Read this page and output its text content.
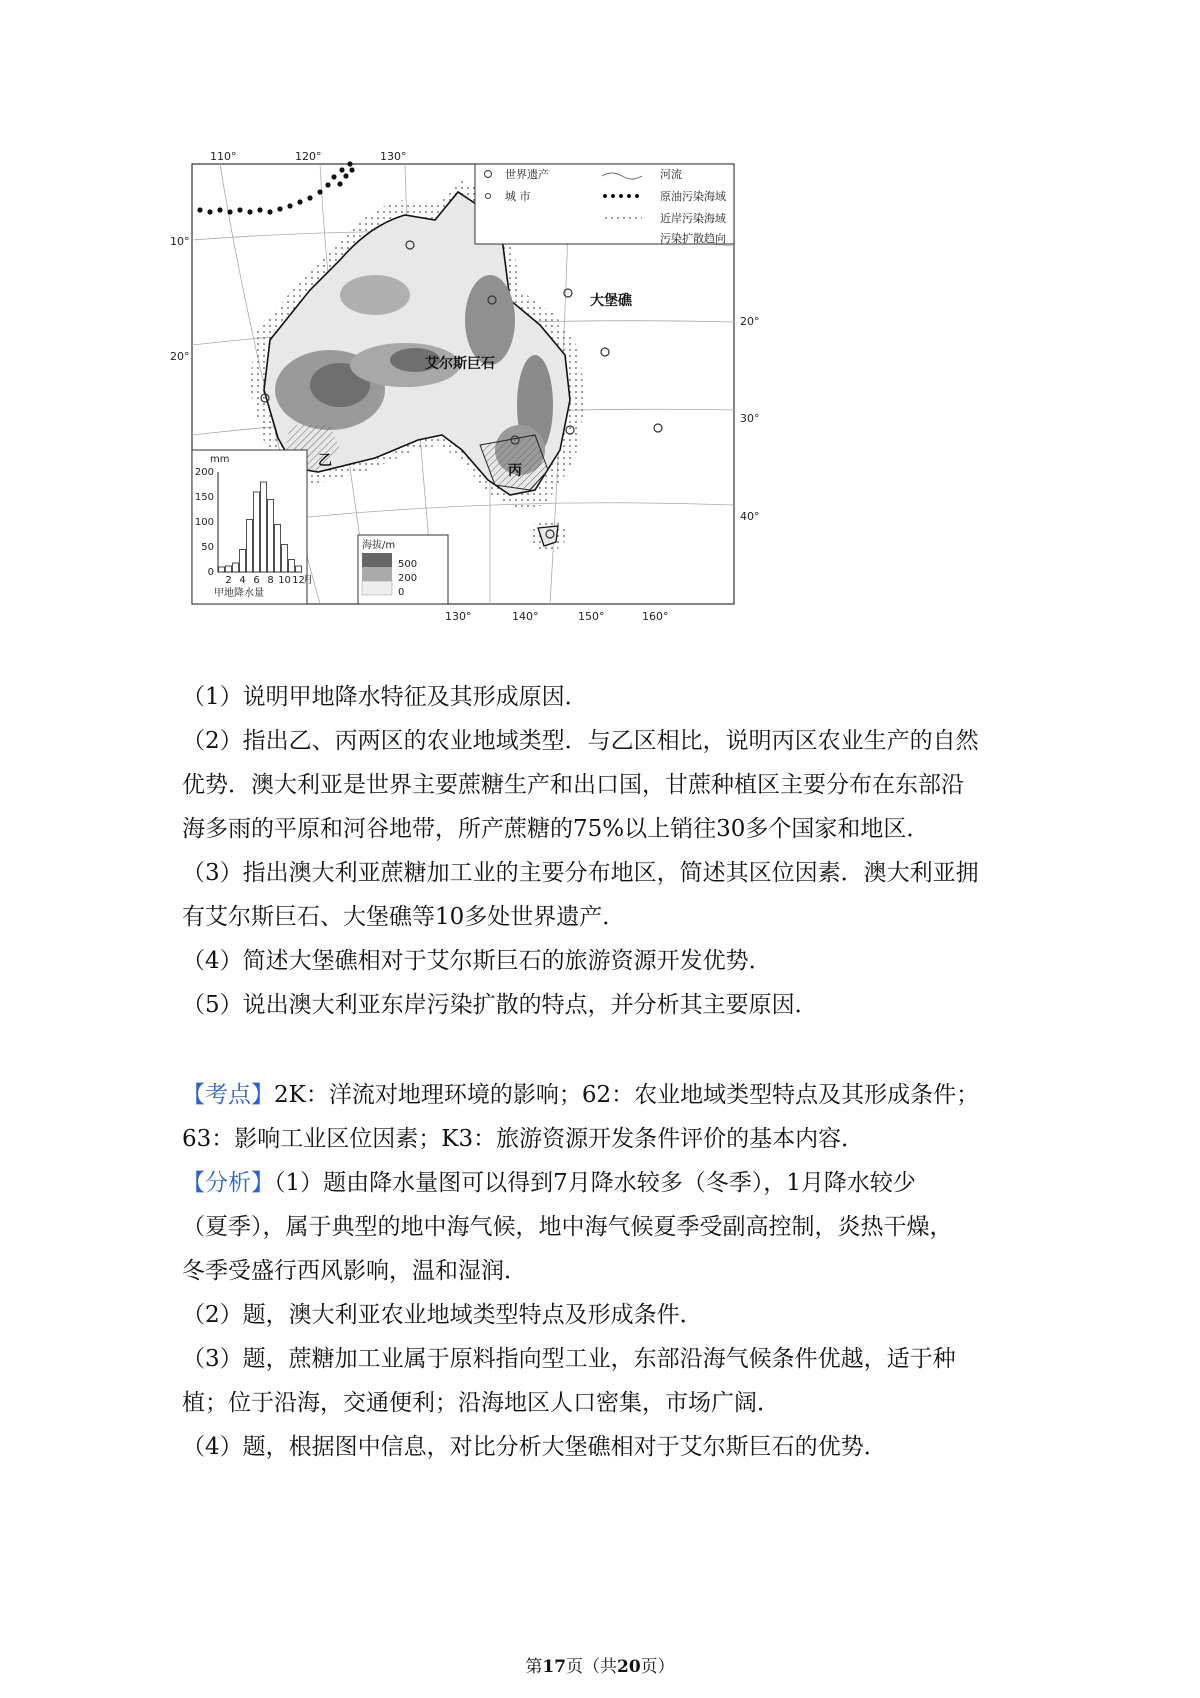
世界遗产
城 市
河流
原油污染海域
近岸污染海域
污染扩散趋向
大堡礁
艾尔斯巨石
乙
丙
110°	120°	130°
130°	140°	150°	160°
10°
20°
20°
30°
40°
mm
200
150
100
50
0
2 4 6 8 10 12
月
甲地降水量
海拔/m
500
200
0
（1）说明甲地降水特征及其形成原因．
（2）指出乙、丙两区的农业地域类型．与乙区相比，说明丙区农业生产的自然
优势．澳大利亚是世界主要蔗糖生产和出口国，甘蔗种植区主要分布在东部沿
海多雨的平原和河谷地带，所产蔗糖的75%以上销往30多个国家和地区．
（3）指出澳大利亚蔗糖加工业的主要分布地区，简述其区位因素．澳大利亚拥
有艾尔斯巨石、大堡礁等10多处世界遗产．
（4）简述大堡礁相对于艾尔斯巨石的旅游资源开发优势．
（5）说出澳大利亚东岸污染扩散的特点，并分析其主要原因．
【考点】2K：洋流对地理环境的影响；62：农业地域类型特点及其形成条件；
63：影响工业区位因素；K3：旅游资源开发条件评价的基本内容．
【分析】（1）题由降水量图可以得到7月降水较多（冬季），1月降水较少
（夏季），属于典型的地中海气候，地中海气候夏季受副高控制，炎热干燥，
冬季受盛行西风影响，温和湿润．
（2）题，澳大利亚农业地域类型特点及形成条件．
（3）题，蔗糖加工业属于原料指向型工业，东部沿海气候条件优越，适于种
植；位于沿海，交通便利；沿海地区人口密集，市场广阔．
（4）题，根据图中信息，对比分析大堡礁相对于艾尔斯巨石的优势．
第17页（共20页）
